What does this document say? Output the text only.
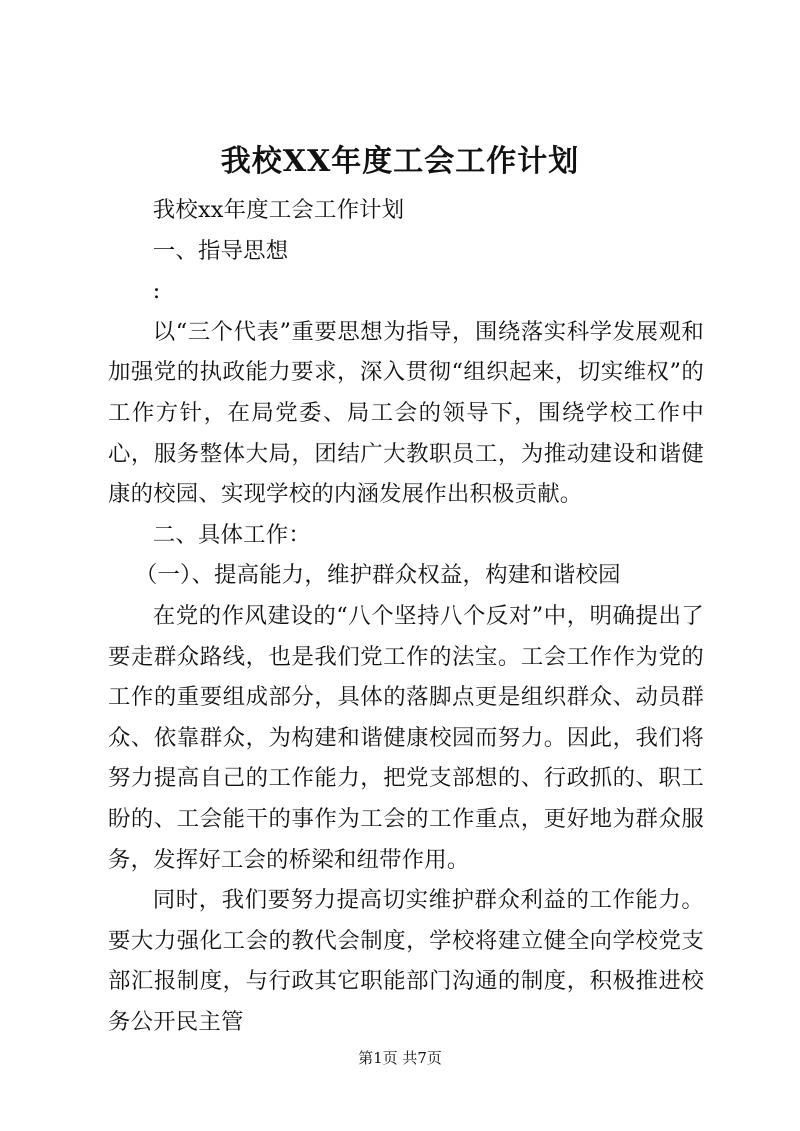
我校XX年度工会工作计划

我校xx年度工会工作计划

一、指导思想

:

以“三个代表”重要思想为指导，围绕落实科学发展观和加强党的执政能力要求，深入贯彻“组织起来，切实维权”的工作方针，在局党委、局工会的领导下，围绕学校工作中心，服务整体大局，团结广大教职员工，为推动建设和谐健康的校园、实现学校的内涵发展作出积极贡献。

二、具体工作：

（一）、提高能力，维护群众权益，构建和谐校园

在党的作风建设的“八个坚持八个反对”中，明确提出了要走群众路线，也是我们党工作的法宝。工会工作作为党的工作的重要组成部分，具体的落脚点更是组织群众、动员群众、依靠群众，为构建和谐健康校园而努力。因此，我们将努力提高自己的工作能力，把党支部想的、行政抓的、职工盼的、工会能干的事作为工会的工作重点，更好地为群众服务，发挥好工会的桥梁和纽带作用。

同时，我们要努力提高切实维护群众利益的工作能力。要大力强化工会的教代会制度，学校将建立健全向学校党支部汇报制度，与行政其它职能部门沟通的制度，积极推进校务公开民主管

第1页 共7页
